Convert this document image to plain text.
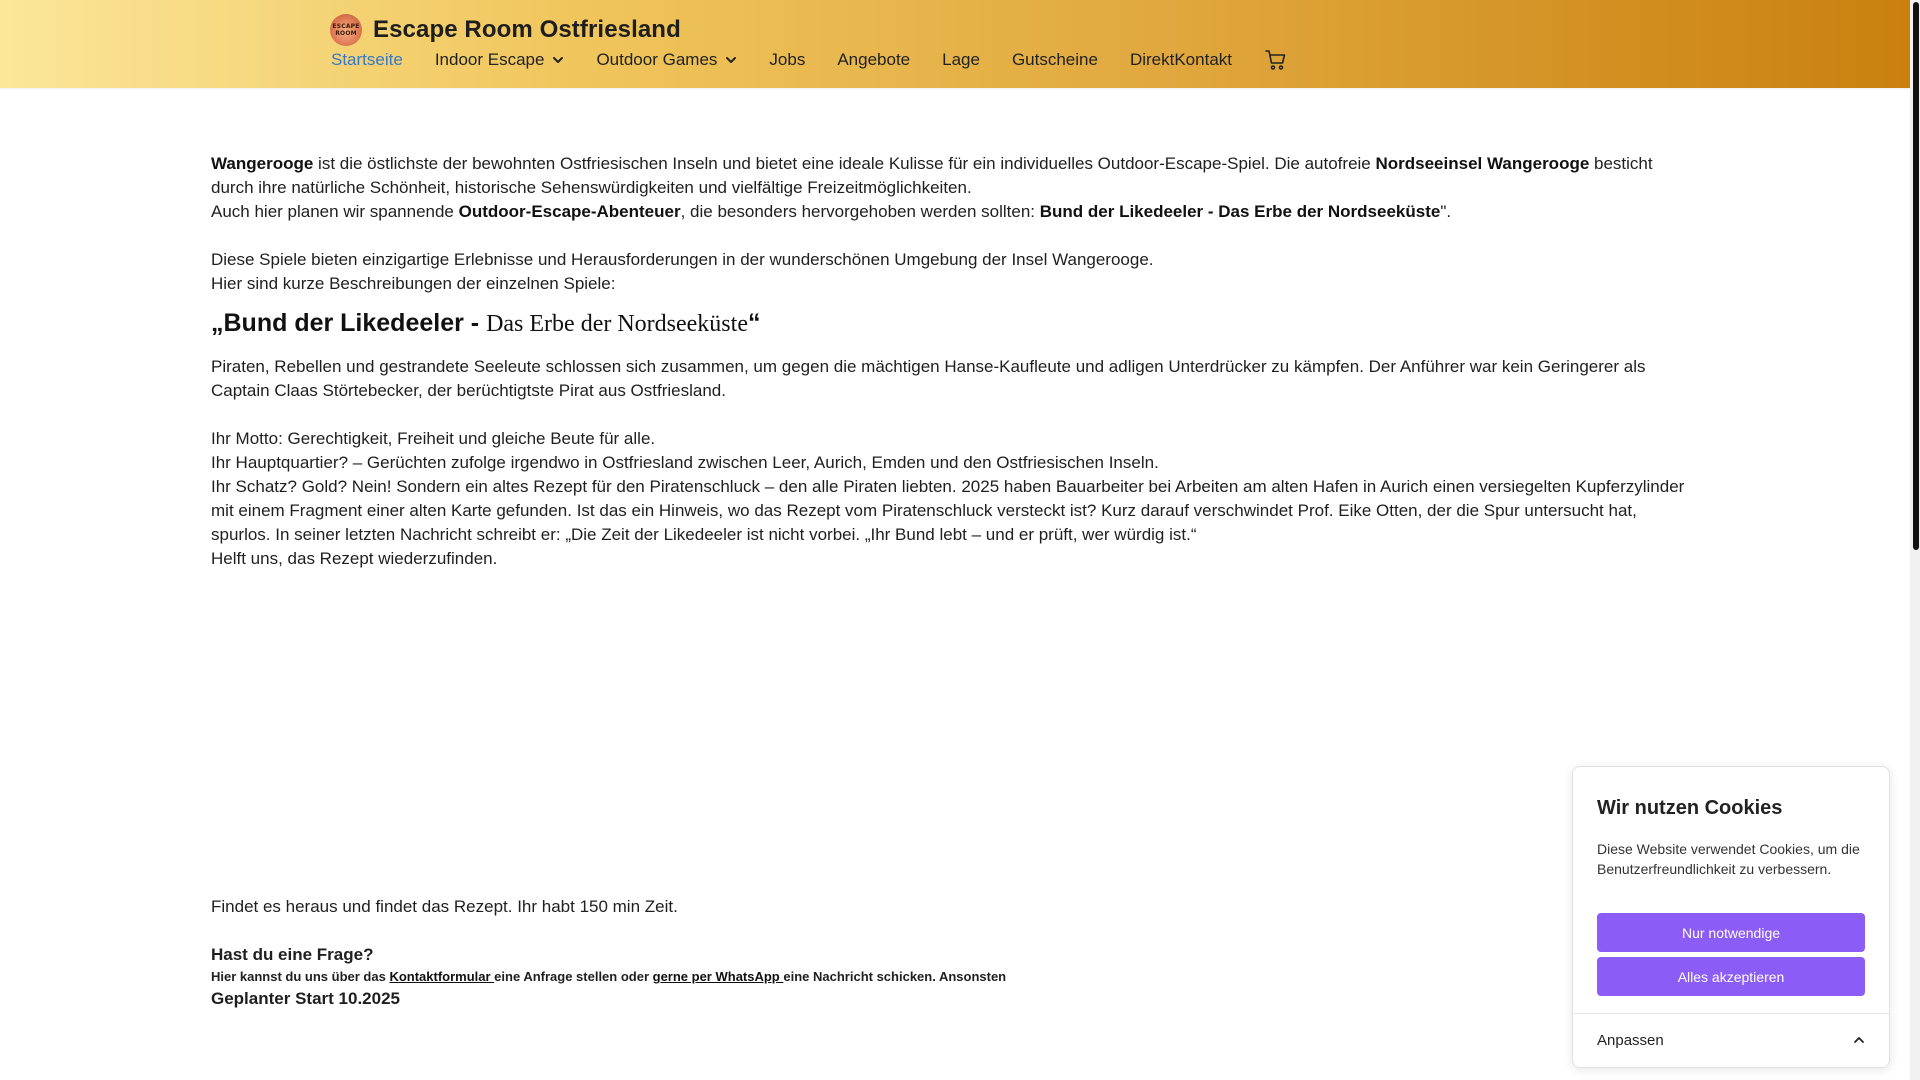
ESCAPE
ROOM Escape Room Ostfriesland
Startseite Indoor Escape	Outdoor Games	Jobs Angebote Lage Gutscheine DirektKontakt

Wangerooge ist die östlichste der bewohnten Ostfriesischen Inseln und bietet eine ideale Kulisse für ein individuelles Outdoor-Escape-Spiel. Die autofreie Nordseeinsel Wangerooge besticht durch ihre natürliche Schönheit, historische Sehenswürdigkeiten und vielfältige Freizeitmöglichkeiten.

Auch hier planen wir spannende Outdoor-Escape-Abenteuer, die besonders hervorgehoben werden sollten: Bund der Likedeeler - Das Erbe der Nordseeküste".

Diese Spiele bieten einzigartige Erlebnisse und Herausforderungen in der wunderschönen Umgebung der Insel Wangerooge.

Hier sind kurze Beschreibungen der einzelnen Spiele:

„Bund der Likedeeler - Das Erbe der Nordseeküste“

Piraten, Rebellen und gestrandete Seeleute schlossen sich zusammen, um gegen die mächtigen Hanse-Kaufleute und adligen Unterdrücker zu kämpfen. Der Anführer war kein Geringerer als Captain Claas Störtebecker, der berüchtigtste Pirat aus Ostfriesland.

Ihr Motto: Gerechtigkeit, Freiheit und gleiche Beute für alle.

Ihr Hauptquartier? – Gerüchten zufolge irgendwo in Ostfriesland zwischen Leer, Aurich, Emden und den Ostfriesischen Inseln.

Ihr Schatz? Gold? Nein! Sondern ein altes Rezept für den Piratenschluck – den alle Piraten liebten. 2025 haben Bauarbeiter bei Arbeiten am alten Hafen in Aurich einen versiegelten Kupferzylinder mit einem Fragment einer alten Karte gefunden. Ist das ein Hinweis, wo das Rezept vom Piratenschluck versteckt ist? Kurz darauf verschwindet Prof. Eike Otten, der die Spur untersucht hat, spurlos. In seiner letzten Nachricht schreibt er: „Die Zeit der Likedeeler ist nicht vorbei. „Ihr Bund lebt – und er prüft, wer würdig ist.“

Helft uns, das Rezept wiederzufinden.

Findet es heraus und findet das Rezept. Ihr habt 150 min Zeit.

Hast du eine Frage?

Hier kannst du uns über das Kontaktformular eine Anfrage stellen oder gerne per WhatsApp eine Nachricht schicken. Ansonsten

Geplanter Start 10.2025

Wir nutzen Cookies
Diese Website verwendet Cookies, um die Benutzerfreundlichkeit zu verbessern.
Nur notwendige
Alles akzeptieren
Anpassen
